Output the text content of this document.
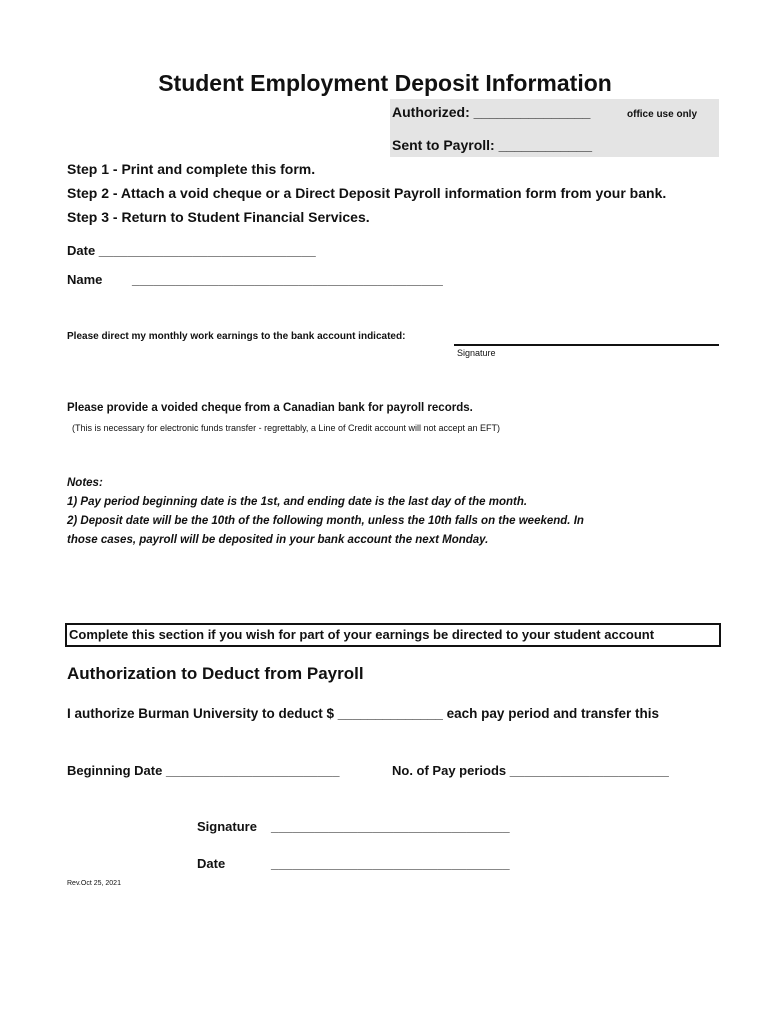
Student Employment Deposit Information
Authorized: _______________	office use only
Sent to Payroll: ____________
Step 1 - Print and complete this form.
Step 2 - Attach a void cheque or a Direct Deposit Payroll information form from your bank.
Step 3 - Return to Student Financial Services.
Date ______________________________
Name ___________________________________________
Please direct my monthly work earnings to the bank account indicated:
Signature
Please provide a voided cheque from a Canadian bank for payroll records.
(This is necessary for electronic funds transfer - regrettably, a Line of Credit account will not accept an EFT)
Notes:
1) Pay period beginning date is the 1st, and ending date is the last day of the month.
2) Deposit date will be the 10th of the following month, unless the 10th falls on the weekend. In
those cases, payroll will be deposited in your bank account the next Monday.
Complete this section if you wish for part of your earnings be directed to your student account
Authorization to Deduct from Payroll
I authorize Burman University to deduct $ ______________ each pay period and transfer this
Beginning Date ________________________	No. of Pay periods ______________________
Signature _________________________________
Date	_________________________________
Rev.Oct 25, 2021
